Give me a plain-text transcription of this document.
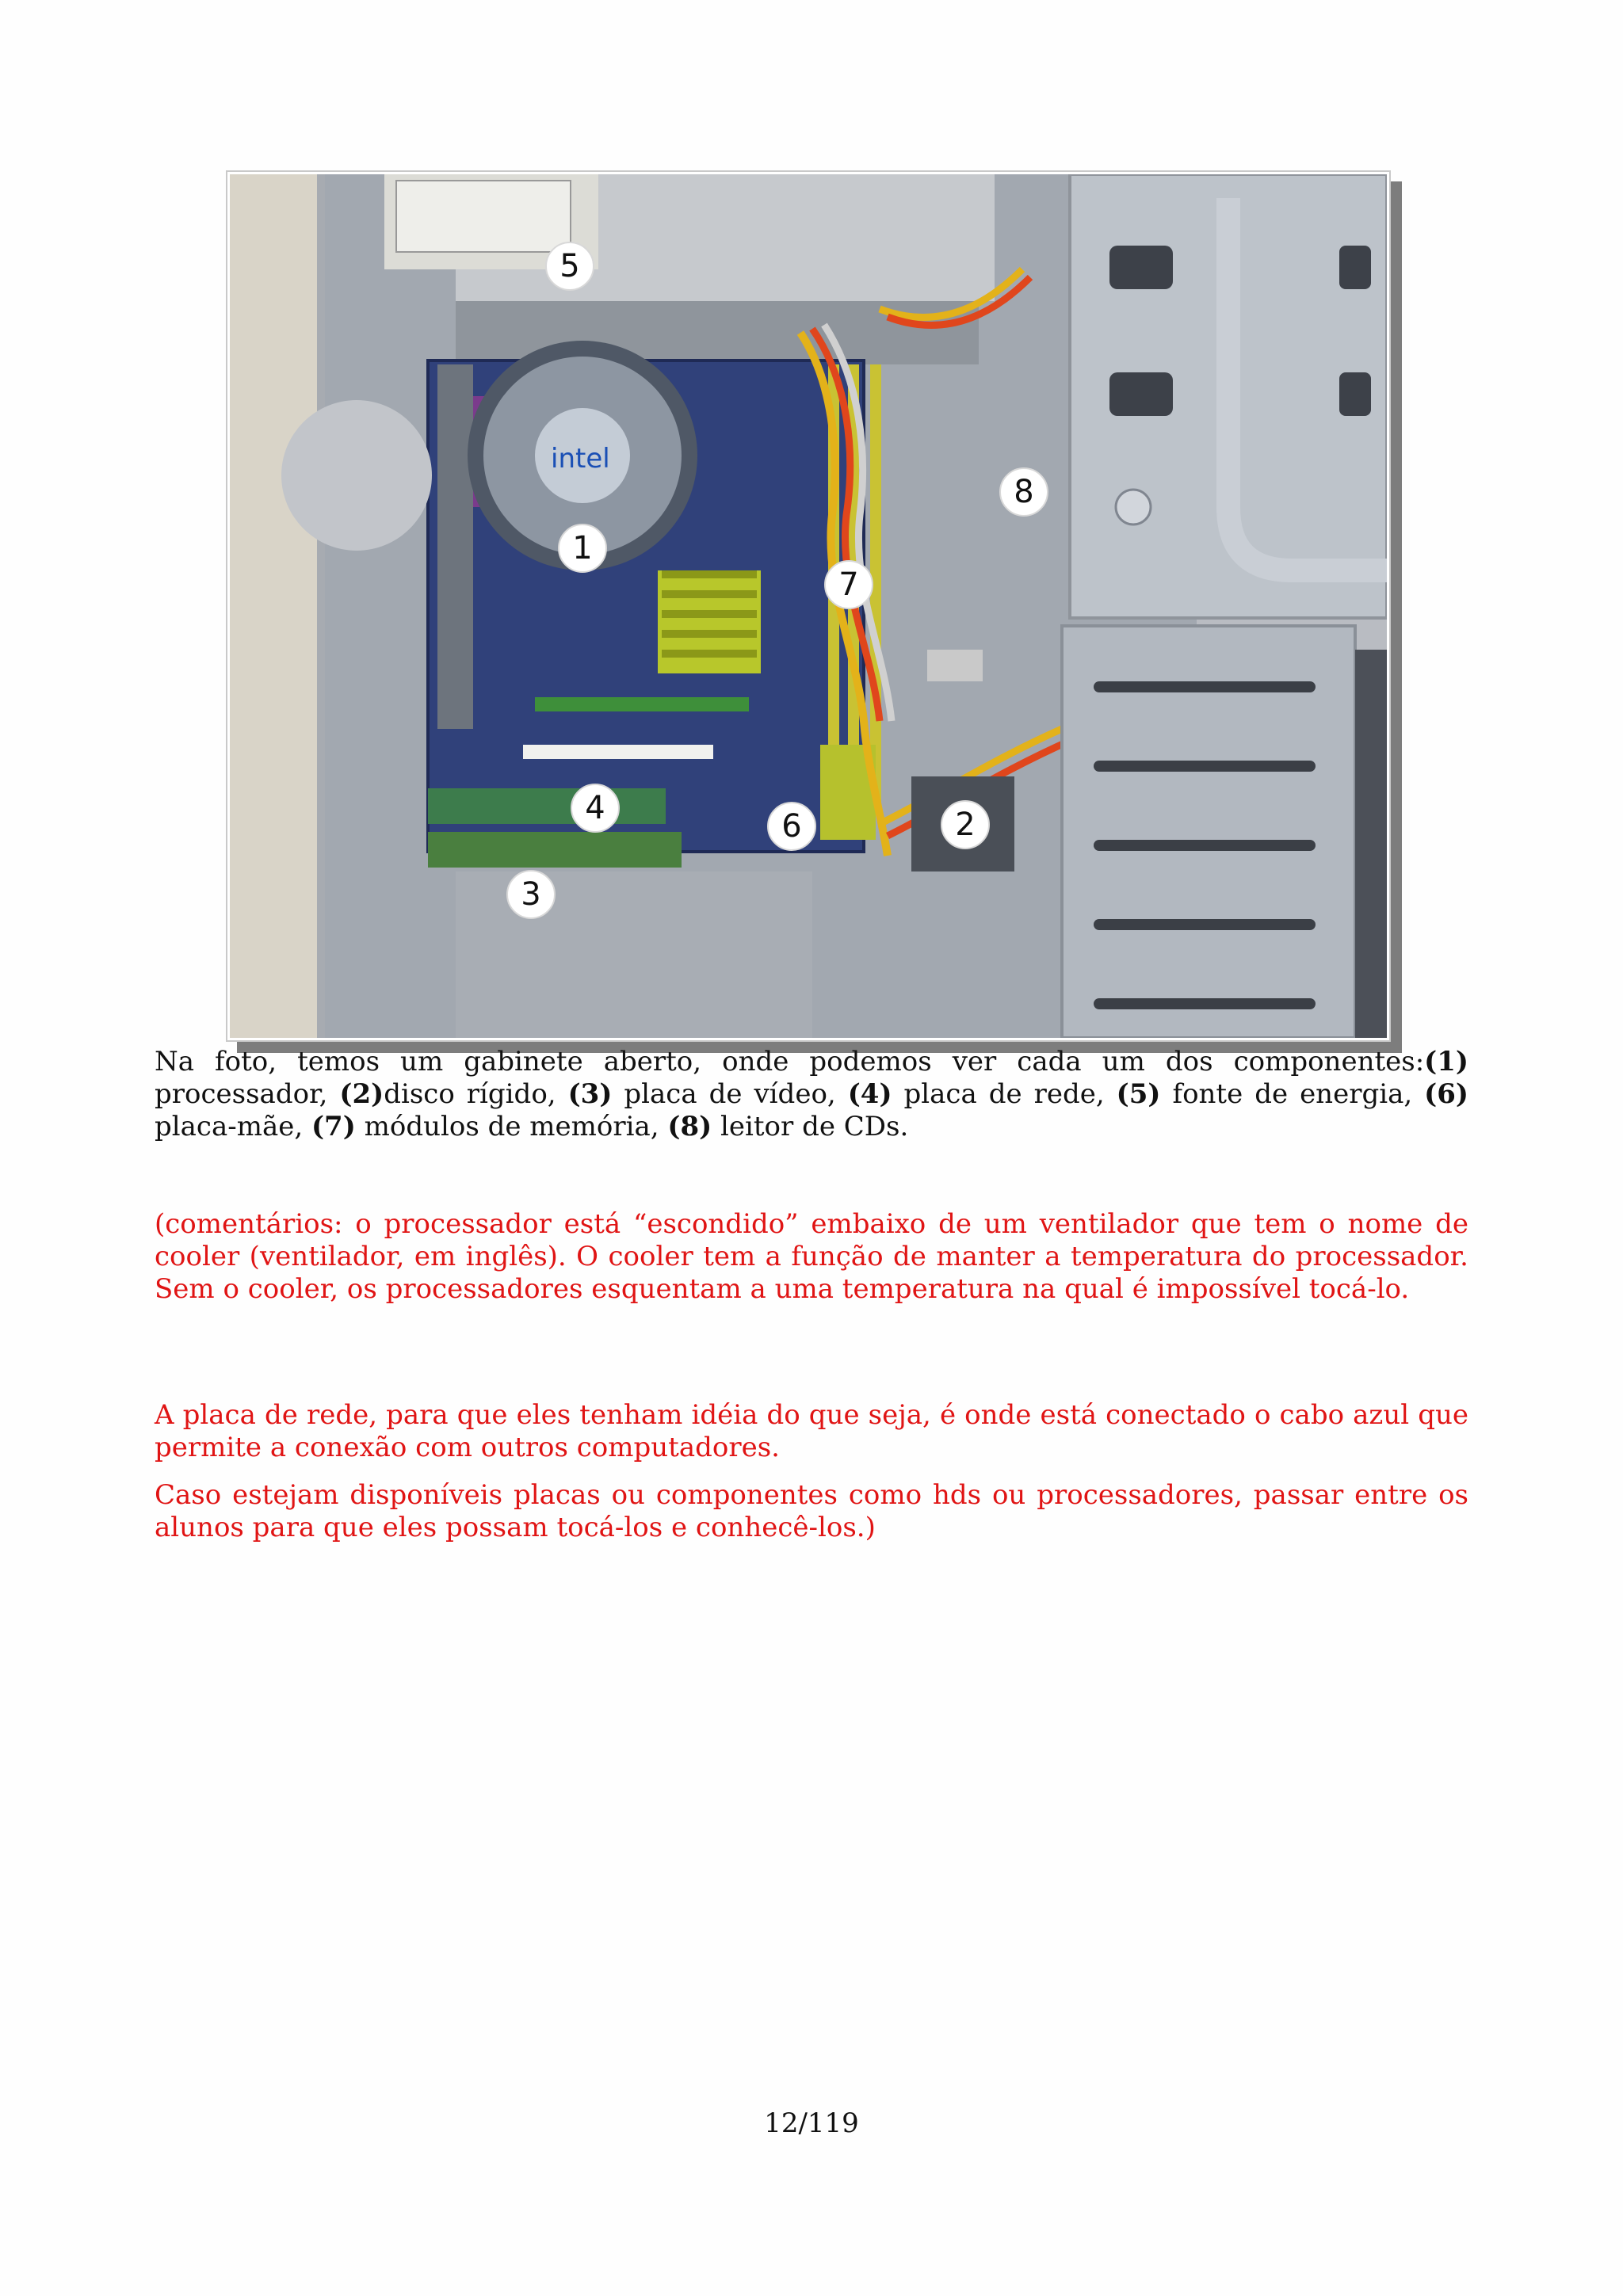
intel
1
2
3
4
5
6
7
8

Na foto, temos um gabinete aberto, onde podemos ver cada um dos componentes:(1) processador, (2)disco rígido, (3) placa de vídeo, (4) placa de rede, (5) fonte de energia, (6) placa-mãe, (7) módulos de memória, (8) leitor de CDs.

(comentários: o processador está “escondido” embaixo de um ventilador que tem o nome de cooler (ventilador, em inglês). O cooler tem a função de manter a temperatura do processador. Sem o cooler, os processadores esquentam a uma temperatura na qual é impossível tocá-lo.

A placa de rede, para que eles tenham idéia do que seja, é onde está conectado o cabo azul que permite a conexão com outros computadores.

Caso estejam disponíveis placas ou componentes como hds ou processadores, passar entre os alunos para que eles possam tocá-los e conhecê-los.)

12/119
